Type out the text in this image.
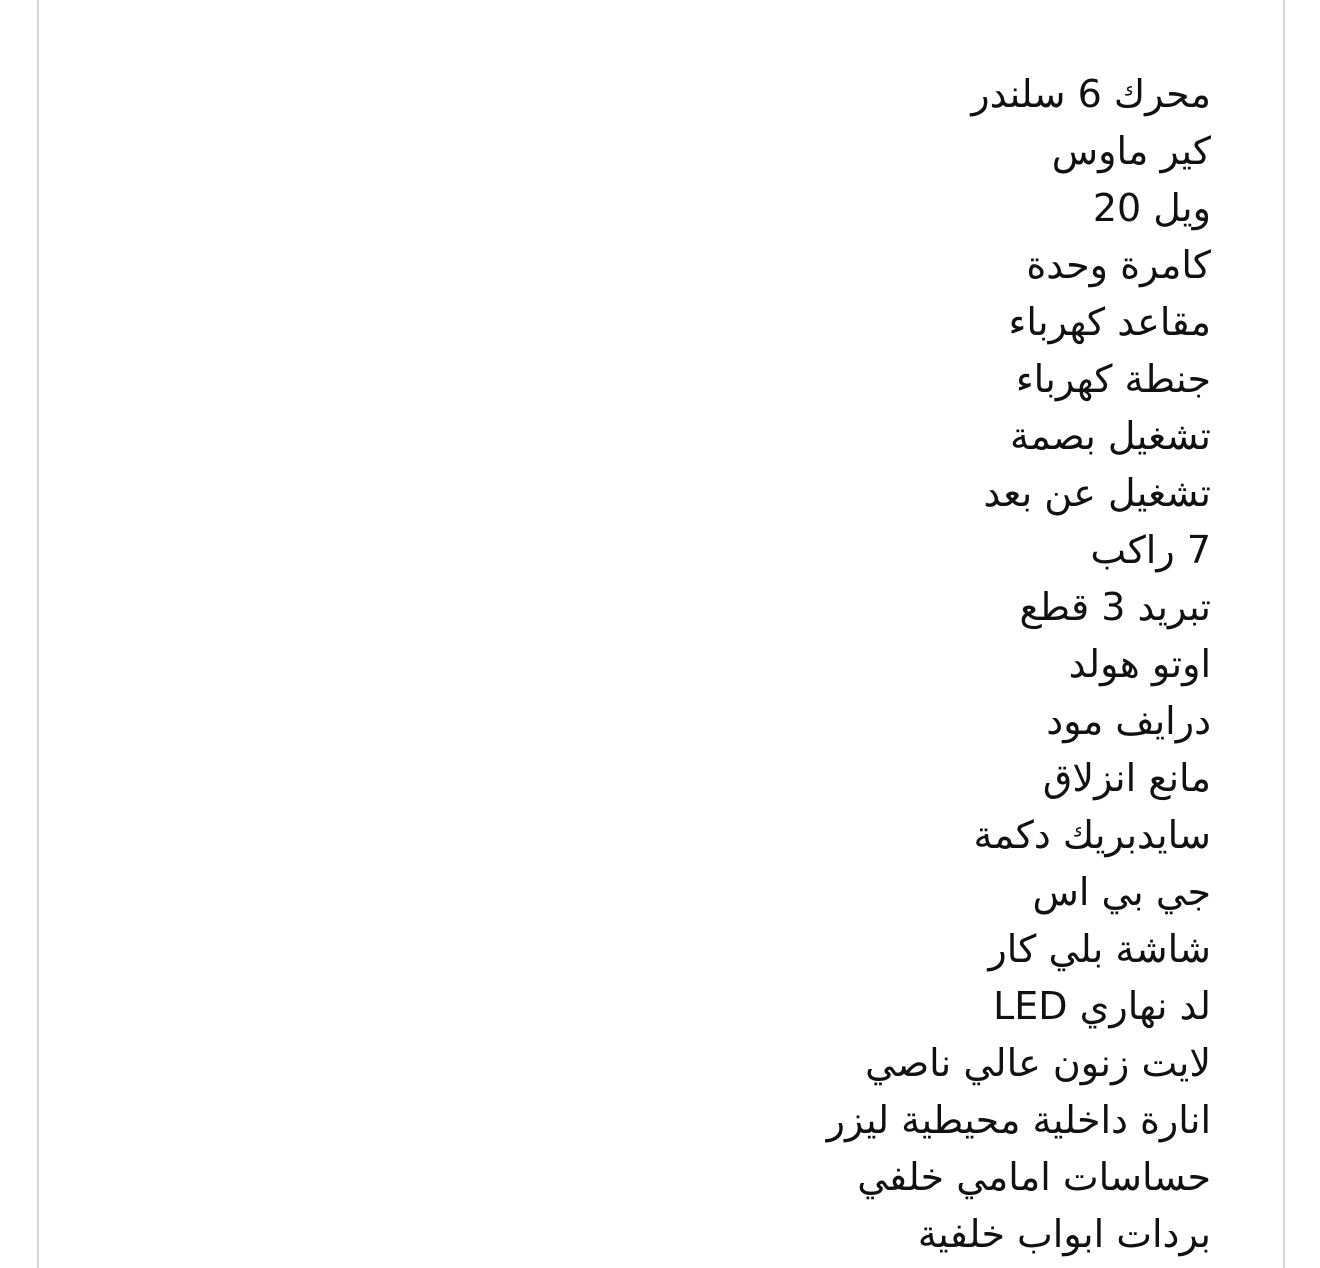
محرك 6 سلندر
كير ماوس
ويل 20
كامرة وحدة
مقاعد كهرباء
جنطة كهرباء
تشغيل بصمة
تشغيل عن بعد
7 راكب
تبريد 3 قطع
اوتو هولد
درايف مود
مانع انزلاق
سايدبريك دكمة
جي بي اس
شاشة بلي كار
لد نهاري LED
لايت زنون عالي ناصي
انارة داخلية محيطية ليزر
حساسات امامي خلفي
بردات ابواب خلفية
